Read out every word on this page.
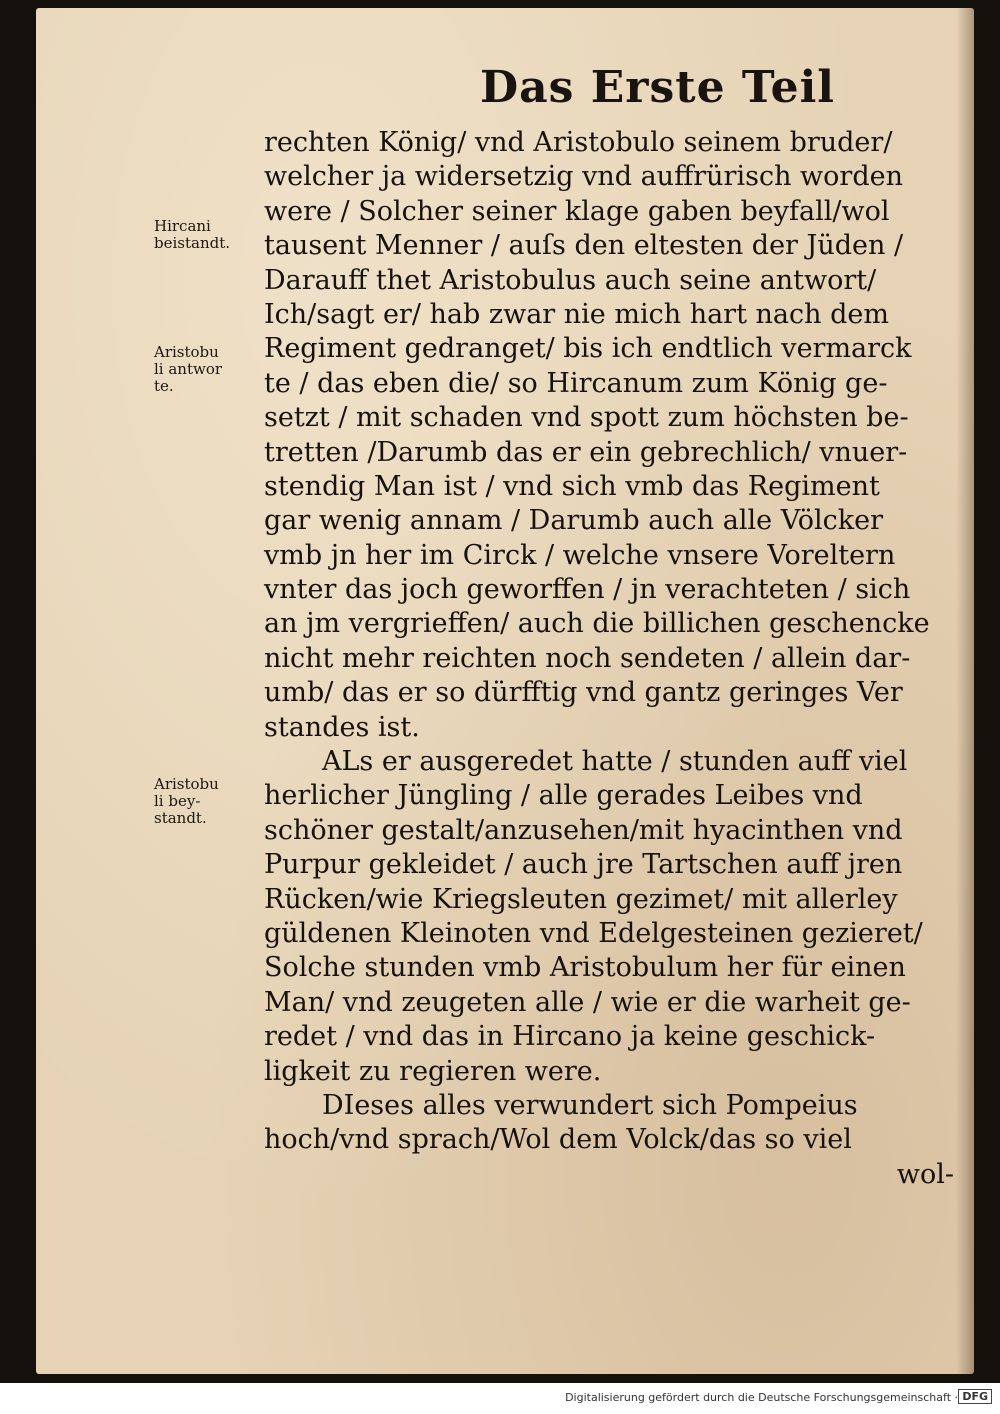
Das Erste Teil
Hircani
beistandt.
Aristobu
li antwor
te.
Aristobu
li bey-
standt.
rechten König/ vnd Aristobulo seinem bruder/
welcher ja widersetzig vnd auffrürisch worden
were / Solcher seiner klage gaben beyfall/wol
tausent Menner / auſs den eltesten der Jüden /
Darauff thet Aristobulus auch seine antwort/
Ich/sagt er/ hab zwar nie mich hart nach dem
Regiment gedranget/ bis ich endtlich vermarck
te / das eben die/ so Hircanum zum König ge-
setzt / mit schaden vnd spott zum höchsten be-
tretten /Darumb das er ein gebrechlich/ vnuer-
stendig Man ist / vnd sich vmb das Regiment
gar wenig annam / Darumb auch alle Völcker
vmb jn her im Circk / welche vnsere Voreltern
vnter das joch geworffen / jn verachteten / sich
an jm vergrieffen/ auch die billichen geschencke
nicht mehr reichten noch sendeten / allein dar-
umb/ das er so dürfftig vnd gantz geringes Ver
standes ist.
ALs er ausgeredet hatte / stunden auff viel
herlicher Jüngling / alle gerades Leibes vnd
schöner gestalt/anzusehen/mit hyacinthen vnd
Purpur gekleidet / auch jre Tartschen auff jren
Rücken/wie Kriegsleuten gezimet/ mit allerley
güldenen Kleinoten vnd Edelgesteinen gezieret/
Solche stunden vmb Aristobulum her für einen
Man/ vnd zeugeten alle / wie er die warheit ge-
redet / vnd das in Hircano ja keine geschick-
ligkeit zu regieren were.
DIeses alles verwundert sich Pompeius
hoch/vnd sprach/Wol dem Volck/das so viel
wol-
Digitalisierung gefördert durch die Deutsche Forschungsgemeinschaft · DFG
